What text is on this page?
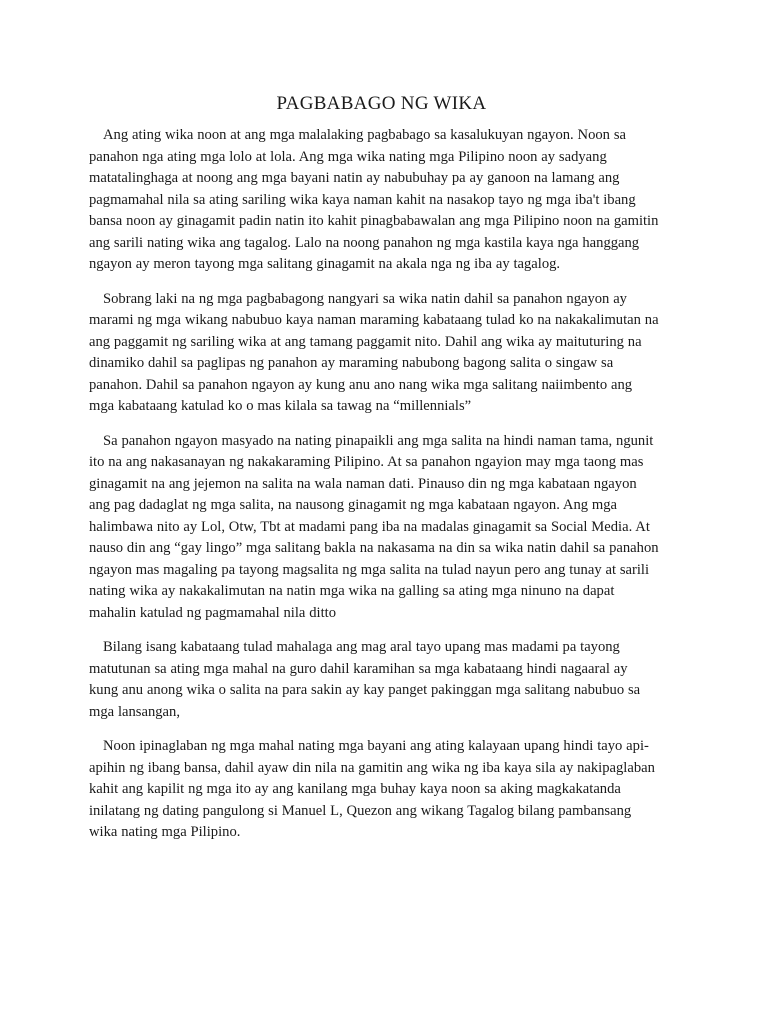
PAGBABAGO NG WIKA

Ang ating wika noon at ang mga malalaking pagbabago sa kasalukuyan ngayon. Noon sa panahon nga ating mga lolo at lola. Ang mga wika nating mga Pilipino noon ay sadyang matatalinghaga at noong ang mga bayani natin ay nabubuhay pa ay ganoon na lamang ang pagmamahal nila sa ating sariling wika kaya naman kahit na nasakop tayo ng mga iba't ibang bansa noon ay ginagamit padin natin ito kahit pinagbabawalan ang mga Pilipino noon na gamitin ang sarili nating wika ang tagalog. Lalo na noong panahon ng mga kastila kaya nga hanggang ngayon ay meron tayong mga salitang ginagamit na akala nga ng iba ay tagalog.

Sobrang laki na ng mga pagbabagong nangyari sa wika natin dahil sa panahon ngayon ay marami ng mga wikang nabubuo kaya naman maraming kabataang tulad ko na nakakalimutan na ang paggamit ng sariling wika at ang tamang paggamit nito. Dahil ang wika ay maituturing na dinamiko dahil sa paglipas ng panahon ay maraming nabubong bagong salita o singaw sa panahon. Dahil sa panahon ngayon ay kung anu ano nang wika mga salitang naiimbento ang mga kabataang katulad ko o mas kilala sa tawag na “millennials”

Sa panahon ngayon masyado na nating pinapaikli ang mga salita na hindi naman tama, ngunit ito na ang nakasanayan ng nakakaraming Pilipino. At sa panahon ngayion may mga taong mas ginagamit na ang jejemon na salita na wala naman dati. Pinauso din ng mga kabataan ngayon ang pag dadaglat ng mga salita, na nausong ginagamit ng mga kabataan ngayon. Ang mga halimbawa nito ay Lol, Otw, Tbt at madami pang iba na madalas ginagamit sa Social Media. At nauso din ang “gay lingo” mga salitang bakla na nakasama na din sa wika natin dahil sa panahon ngayon mas magaling pa tayong magsalita ng mga salita na tulad nayun pero ang tunay at sarili nating wika ay nakakalimutan na natin mga wika na galling sa ating mga ninuno na dapat mahalin katulad ng pagmamahal nila ditto

Bilang isang kabataang tulad mahalaga ang mag aral tayo upang mas madami pa tayong matutunan sa ating mga mahal na guro dahil karamihan sa mga kabataang hindi nagaaral ay kung anu anong wika o salita na para sakin ay kay panget pakinggan mga salitang nabubuo sa mga lansangan,

Noon ipinaglaban ng mga mahal nating mga bayani ang ating kalayaan upang hindi tayo api-apihin ng ibang bansa, dahil ayaw din nila na gamitin ang wika ng iba kaya sila ay nakipaglaban kahit ang kapilit ng mga ito ay ang kanilang mga buhay kaya noon sa aking magkakatanda inilatang ng dating pangulong si Manuel L, Quezon ang wikang Tagalog bilang pambansang wika nating mga Pilipino.
